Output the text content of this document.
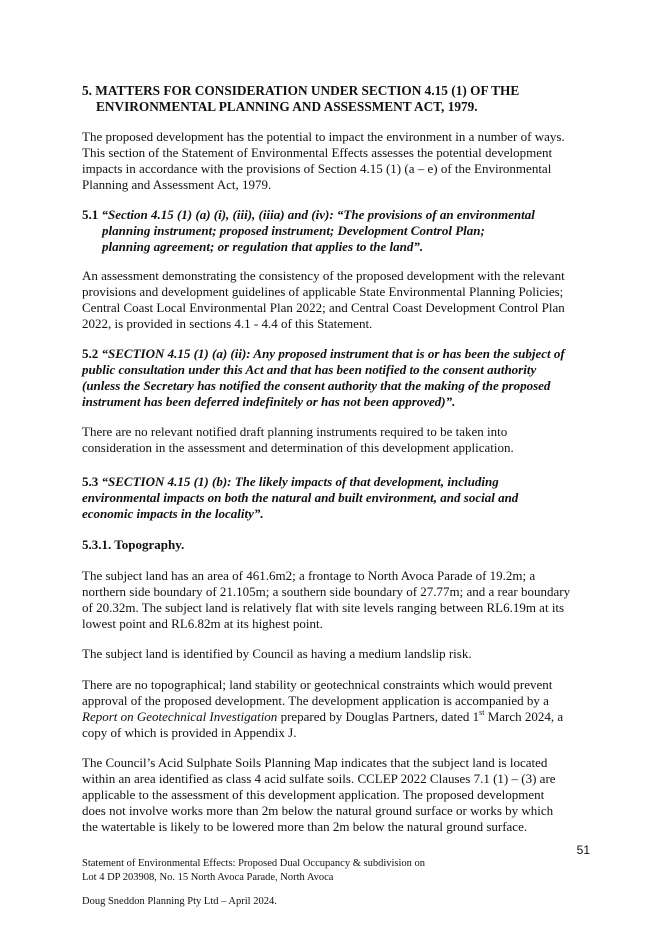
5. MATTERS FOR CONSIDERATION UNDER SECTION 4.15 (1) OF THE
ENVIRONMENTAL PLANNING AND ASSESSMENT ACT, 1979.
The proposed development has the potential to impact the environment in a number of ways.
This section of the Statement of Environmental Effects assesses the potential development
impacts in accordance with the provisions of Section 4.15 (1) (a – e) of the Environmental
Planning and Assessment Act, 1979.
5.1 “Section 4.15 (1) (a) (i), (iii), (iiia) and (iv): “The provisions of an environmental
planning instrument; proposed instrument; Development Control Plan;
planning agreement; or regulation that applies to the land”.
An assessment demonstrating the consistency of the proposed development with the relevant
provisions and development guidelines of applicable State Environmental Planning Policies;
Central Coast Local Environmental Plan 2022; and Central Coast Development Control Plan
2022, is provided in sections 4.1 - 4.4 of this Statement.
5.2 “SECTION 4.15 (1) (a) (ii): Any proposed instrument that is or has been the subject of
public consultation under this Act and that has been notified to the consent authority
(unless the Secretary has notified the consent authority that the making of the proposed
instrument has been deferred indefinitely or has not been approved)”.
There are no relevant notified draft planning instruments required to be taken into
consideration in the assessment and determination of this development application.
5.3 “SECTION 4.15 (1) (b): The likely impacts of that development, including
environmental impacts on both the natural and built environment, and social and
economic impacts in the locality”.
5.3.1. Topography.
The subject land has an area of 461.6m2; a frontage to North Avoca Parade of 19.2m; a
northern side boundary of 21.105m; a southern side boundary of 27.77m; and a rear boundary
of 20.32m. The subject land is relatively flat with site levels ranging between RL6.19m at its
lowest point and RL6.82m at its highest point.
The subject land is identified by Council as having a medium landslip risk.
There are no topographical; land stability or geotechnical constraints which would prevent
approval of the proposed development. The development application is accompanied by a
Report on Geotechnical Investigation prepared by Douglas Partners, dated 1st March 2024, a
copy of which is provided in Appendix J.
The Council’s Acid Sulphate Soils Planning Map indicates that the subject land is located
within an area identified as class 4 acid sulfate soils. CCLEP 2022 Clauses 7.1 (1) – (3) are
applicable to the assessment of this development application. The proposed development
does not involve works more than 2m below the natural ground surface or works by which
the watertable is likely to be lowered more than 2m below the natural ground surface.
51
Statement of Environmental Effects: Proposed Dual Occupancy & subdivision on
Lot 4 DP 203908, No. 15 North Avoca Parade, North Avoca
Doug Sneddon Planning Pty Ltd – April 2024.
